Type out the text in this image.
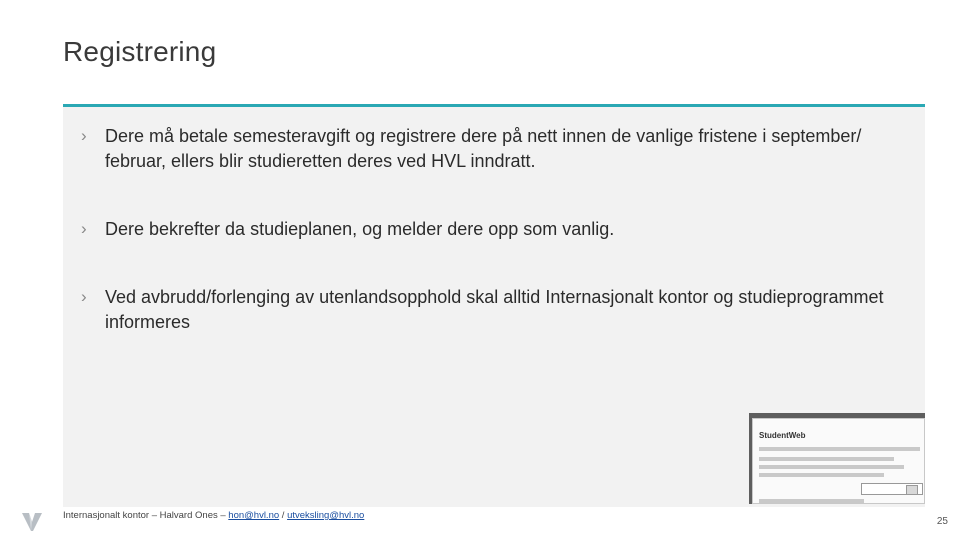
Registrering
› Dere må betale semesteravgift og registrere dere på nett innen de vanlige fristene i september/ februar, ellers blir studieretten deres ved HVL inndratt.
› Dere bekrefter da studieplanen, og melder dere opp som vanlig.
› Ved avbrudd/forlenging av utenlandsopphold skal alltid Internasjonalt kontor og studieprogrammet informeres
StudentWeb
Internasjonalt kontor – Halvard Ones – hon@hvl.no / utveksling@hvl.no
25
